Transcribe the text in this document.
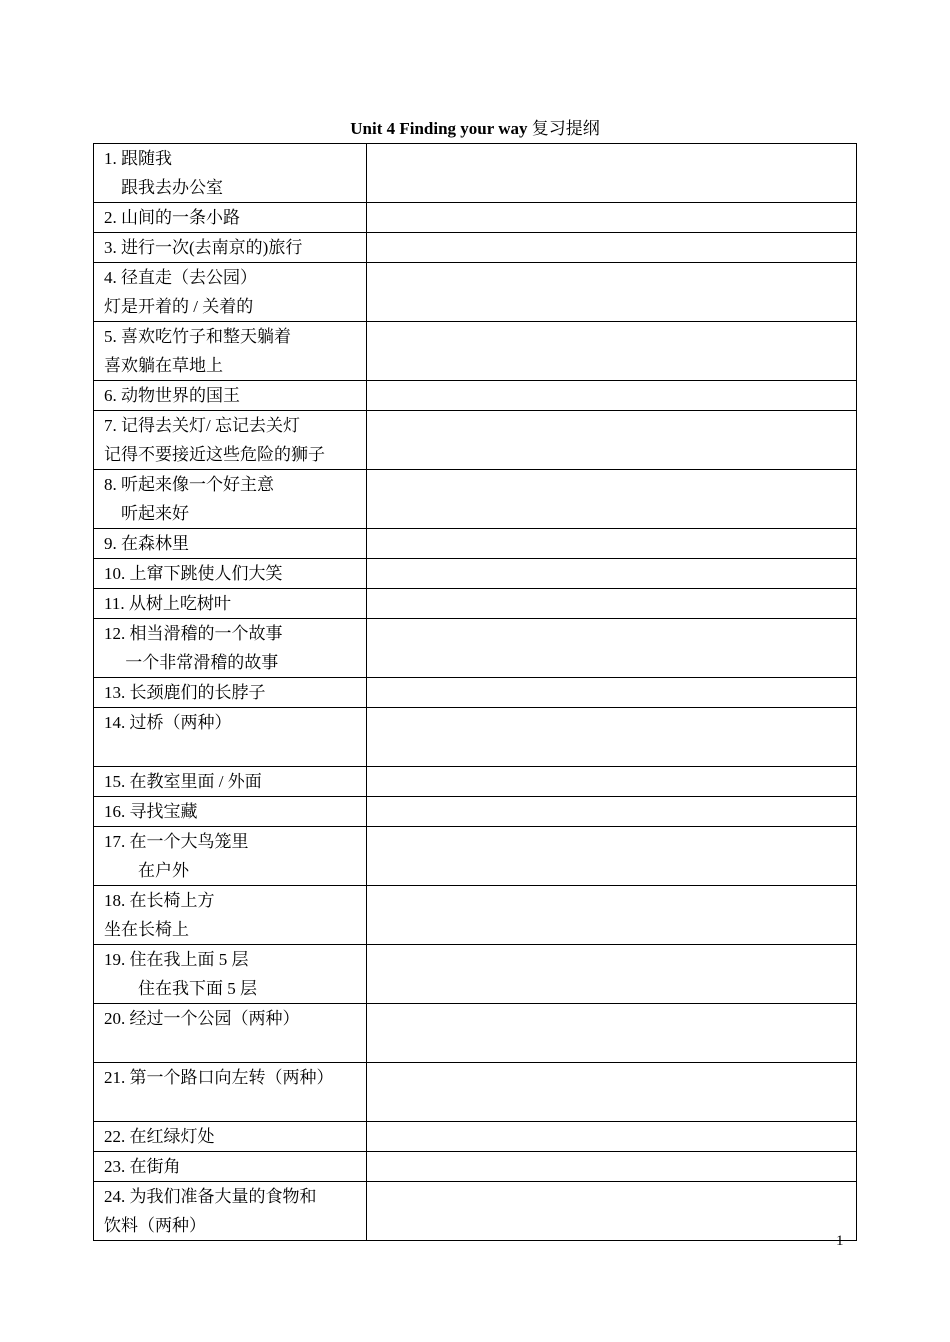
Unit 4 Finding your way 复习提纲
1. 跟随我
　跟我去办公室	

2. 山间的一条小路	

3. 进行一次(去南京的)旅行	

4. 径直走（去公园）
灯是开着的 / 关着的	

5. 喜欢吃竹子和整天躺着
喜欢躺在草地上	

6. 动物世界的国王	

7. 记得去关灯/ 忘记去关灯
记得不要接近这些危险的狮子	

8. 听起来像一个好主意
　听起来好	

9. 在森林里	

10. 上窜下跳使人们大笑	

11. 从树上吃树叶	

12. 相当滑稽的一个故事
　 一个非常滑稽的故事	

13. 长颈鹿们的长脖子	

14. 过桥（两种）	

15. 在教室里面 / 外面	

16. 寻找宝藏	

17. 在一个大鸟笼里
　　在户外	

18. 在长椅上方
坐在长椅上	

19. 住在我上面 5 层
　　住在我下面 5 层	

20. 经过一个公园（两种）	

21. 第一个路口向左转（两种）	

22. 在红绿灯处	

23. 在街角	

24. 为我们准备大量的食物和
饮料（两种）	

1
